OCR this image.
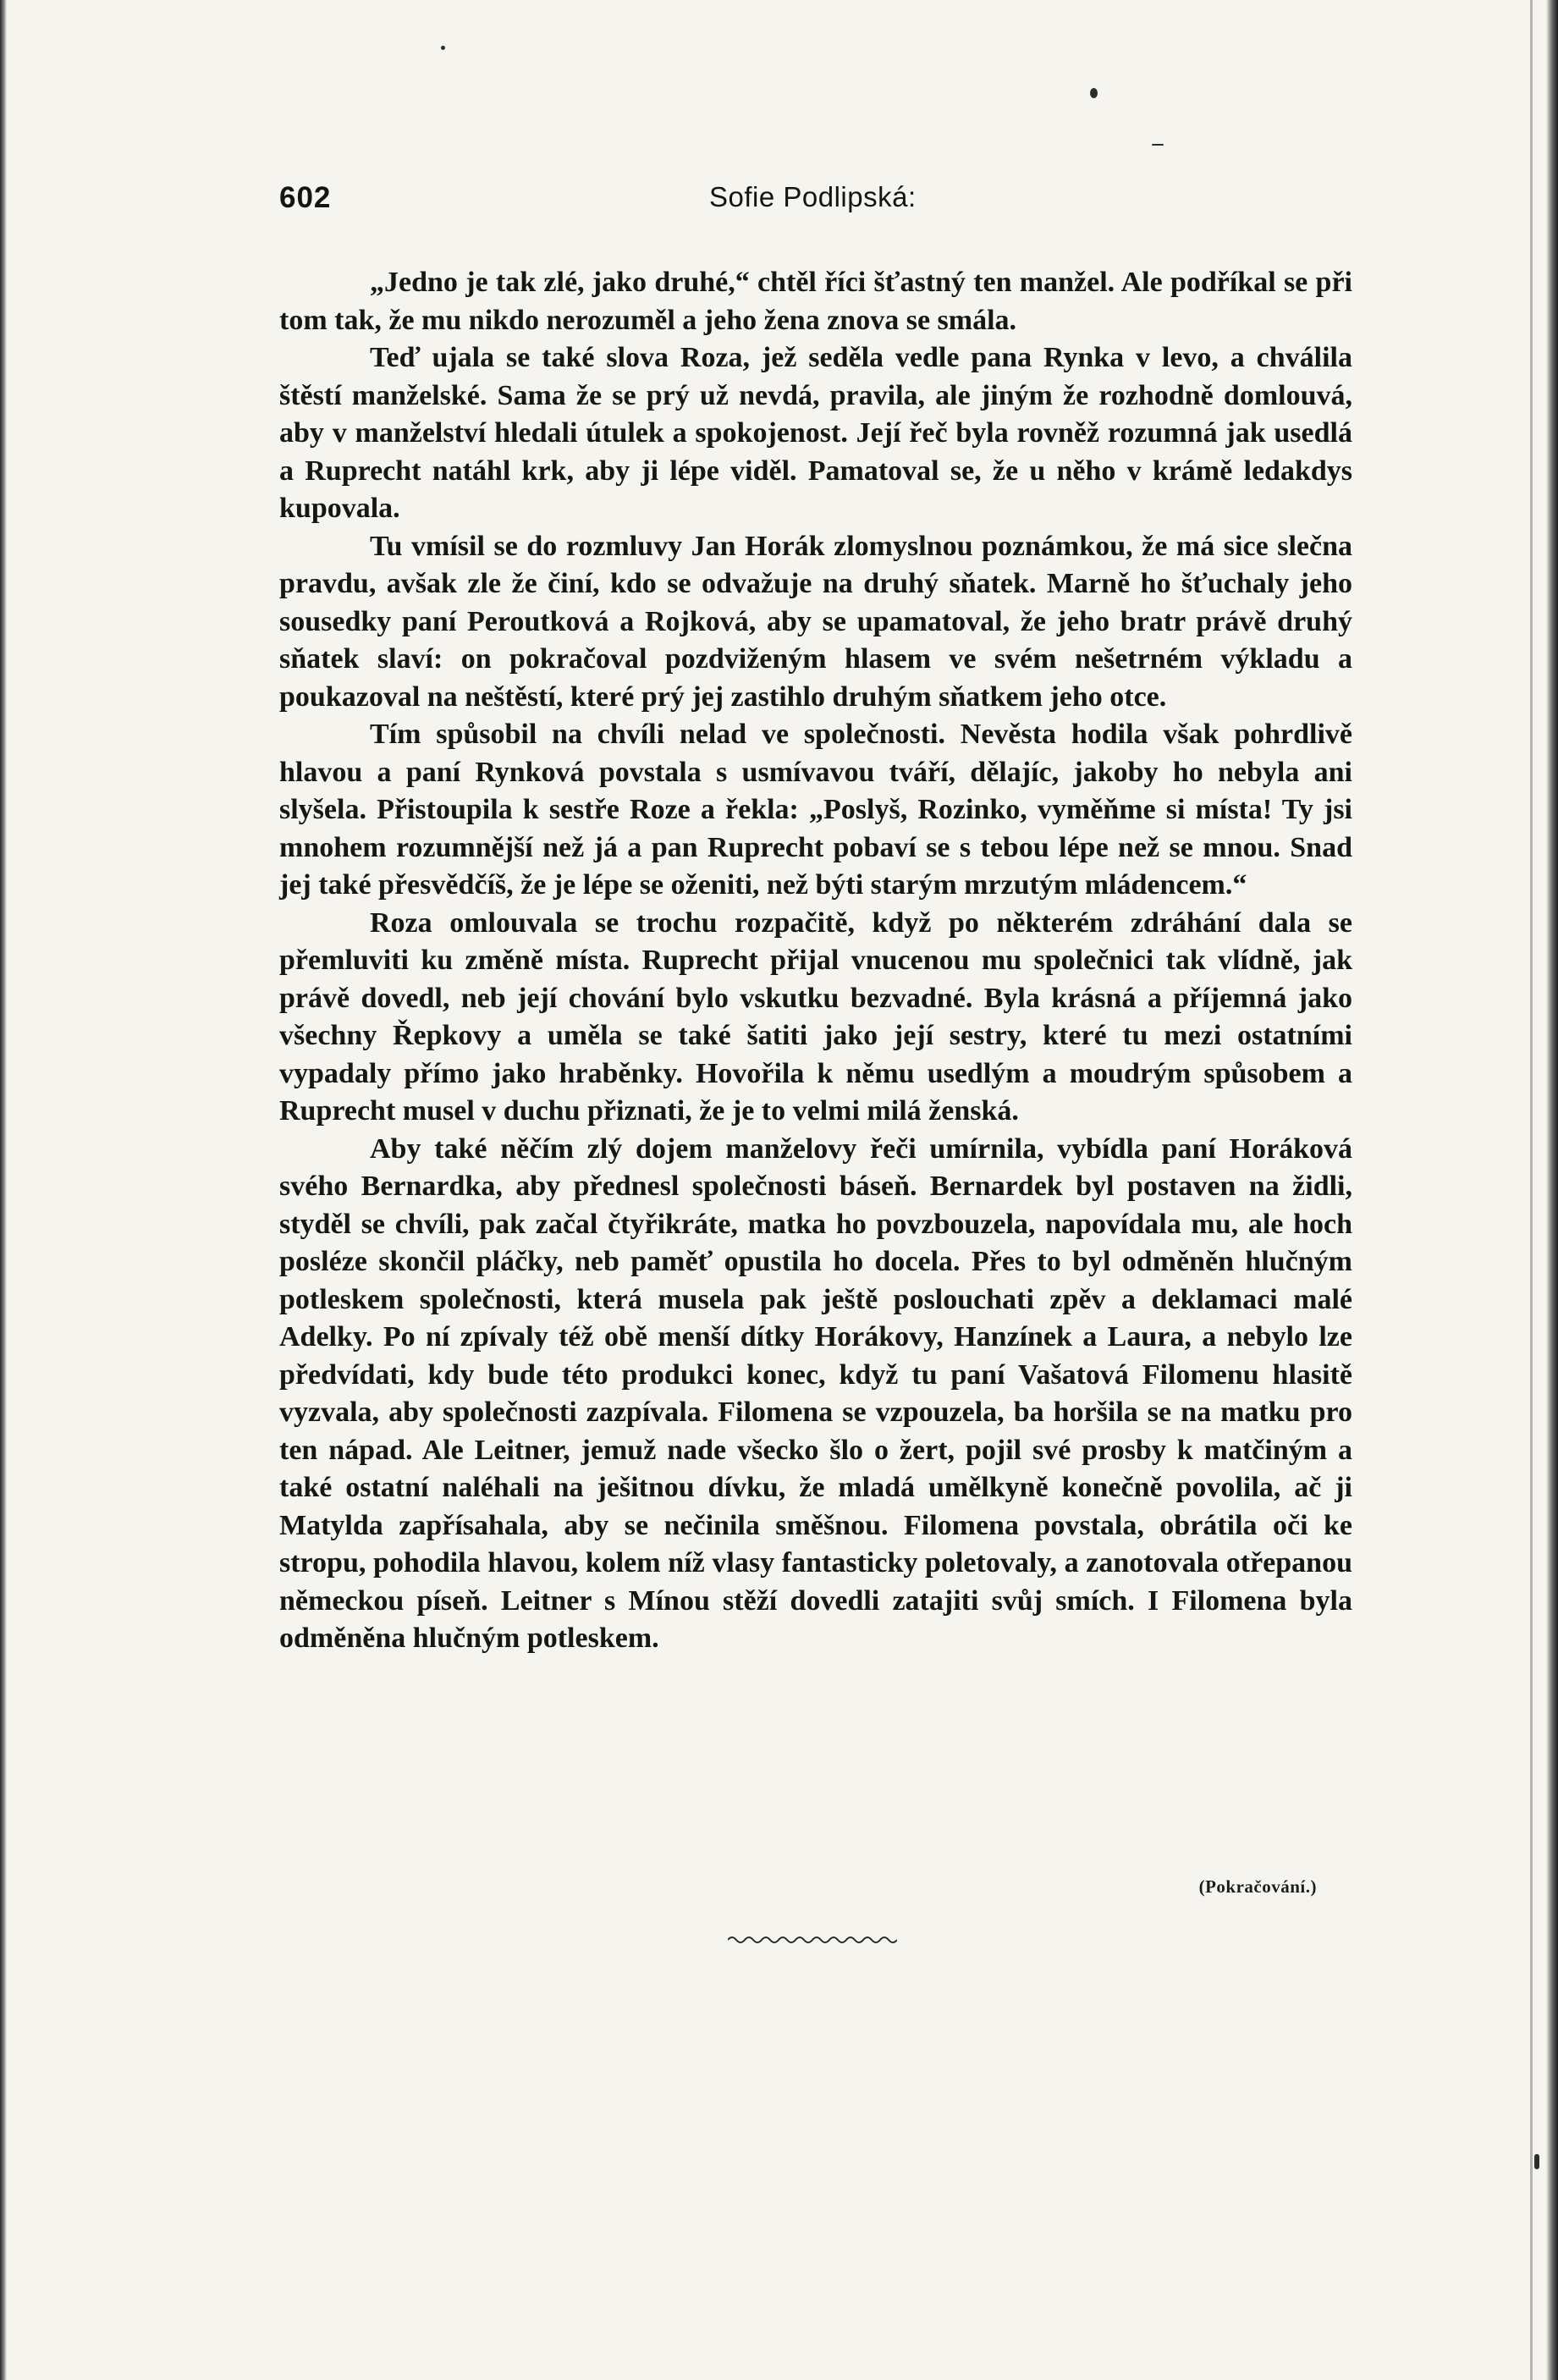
602	Sofie Podlipská:

„Jedno je tak zlé, jako druhé,“ chtěl říci šťastný ten manžel. Ale podříkal se při tom tak, že mu nikdo nerozuměl a jeho žena znova se smála.

Teď ujala se také slova Roza, jež seděla vedle pana Rynka v levo, a chválila štěstí manželské. Sama že se prý už nevdá, pravila, ale jiným že rozhodně domlouvá, aby v manželství hledali útulek a spokojenost. Její řeč byla rovněž rozumná jak usedlá a Ruprecht natáhl krk, aby ji lépe viděl. Pamatoval se, že u něho v krámě ledakdys kupovala.

Tu vmísil se do rozmluvy Jan Horák zlomyslnou poznámkou, že má sice slečna pravdu, avšak zle že činí, kdo se odvažuje na druhý sňatek. Marně ho šťuchaly jeho sousedky paní Peroutková a Rojková, aby se upamatoval, že jeho bratr právě druhý sňatek slaví: on pokračoval pozdviženým hlasem ve svém nešetrném výkladu a poukazoval na neštěstí, které prý jej zastihlo druhým sňatkem jeho otce.

Tím spůsobil na chvíli nelad ve společnosti. Nevěsta hodila však pohrdlivě hlavou a paní Rynková povstala s usmívavou tváří, dělajíc, jakoby ho nebyla ani slyšela. Přistoupila k sestře Roze a řekla: „Poslyš, Rozinko, vyměňme si místa! Ty jsi mnohem rozumnější než já a pan Ruprecht pobaví se s tebou lépe než se mnou. Snad jej také přesvědčíš, že je lépe se oženiti, než býti starým mrzutým mládencem.“

Roza omlouvala se trochu rozpačitě, když po některém zdráhání dala se přemluviti ku změně místa. Ruprecht přijal vnucenou mu společnici tak vlídně, jak právě dovedl, neb její chování bylo vskutku bezvadné. Byla krásná a příjemná jako všechny Řepkovy a uměla se také šatiti jako její sestry, které tu mezi ostatními vypadaly přímo jako hraběnky. Hovořila k němu usedlým a moudrým spůsobem a Ruprecht musel v duchu přiznati, že je to velmi milá ženská.

Aby také něčím zlý dojem manželovy řeči umírnila, vybídla paní Horáková svého Bernardka, aby přednesl společnosti báseň. Bernardek byl postaven na židli, styděl se chvíli, pak začal čtyřikráte, matka ho povzbouzela, napovídala mu, ale hoch posléze skončil pláčky, neb paměť opustila ho docela. Přes to byl odměněn hlučným potleskem společnosti, která musela pak ještě poslouchati zpěv a deklamaci malé Adelky. Po ní zpívaly též obě menší dítky Horákovy, Hanzínek a Laura, a nebylo lze předvídati, kdy bude této produkci konec, když tu paní Vašatová Filomenu hlasitě vyzvala, aby společnosti zazpívala. Filomena se vzpouzela, ba horšila se na matku pro ten nápad. Ale Leitner, jemuž nade všecko šlo o žert, pojil své prosby k matčiným a také ostatní naléhali na ješitnou dívku, že mladá umělkyně konečně povolila, ač ji Matylda zapřísahala, aby se nečinila směšnou. Filomena povstala, obrátila oči ke stropu, pohodila hlavou, kolem níž vlasy fantasticky poletovaly, a zanotovala otřepanou německou píseň. Leitner s Mínou stěží dovedli zatajiti svůj smích. I Filomena byla odměněna hlučným potleskem.

(Pokračování.)
